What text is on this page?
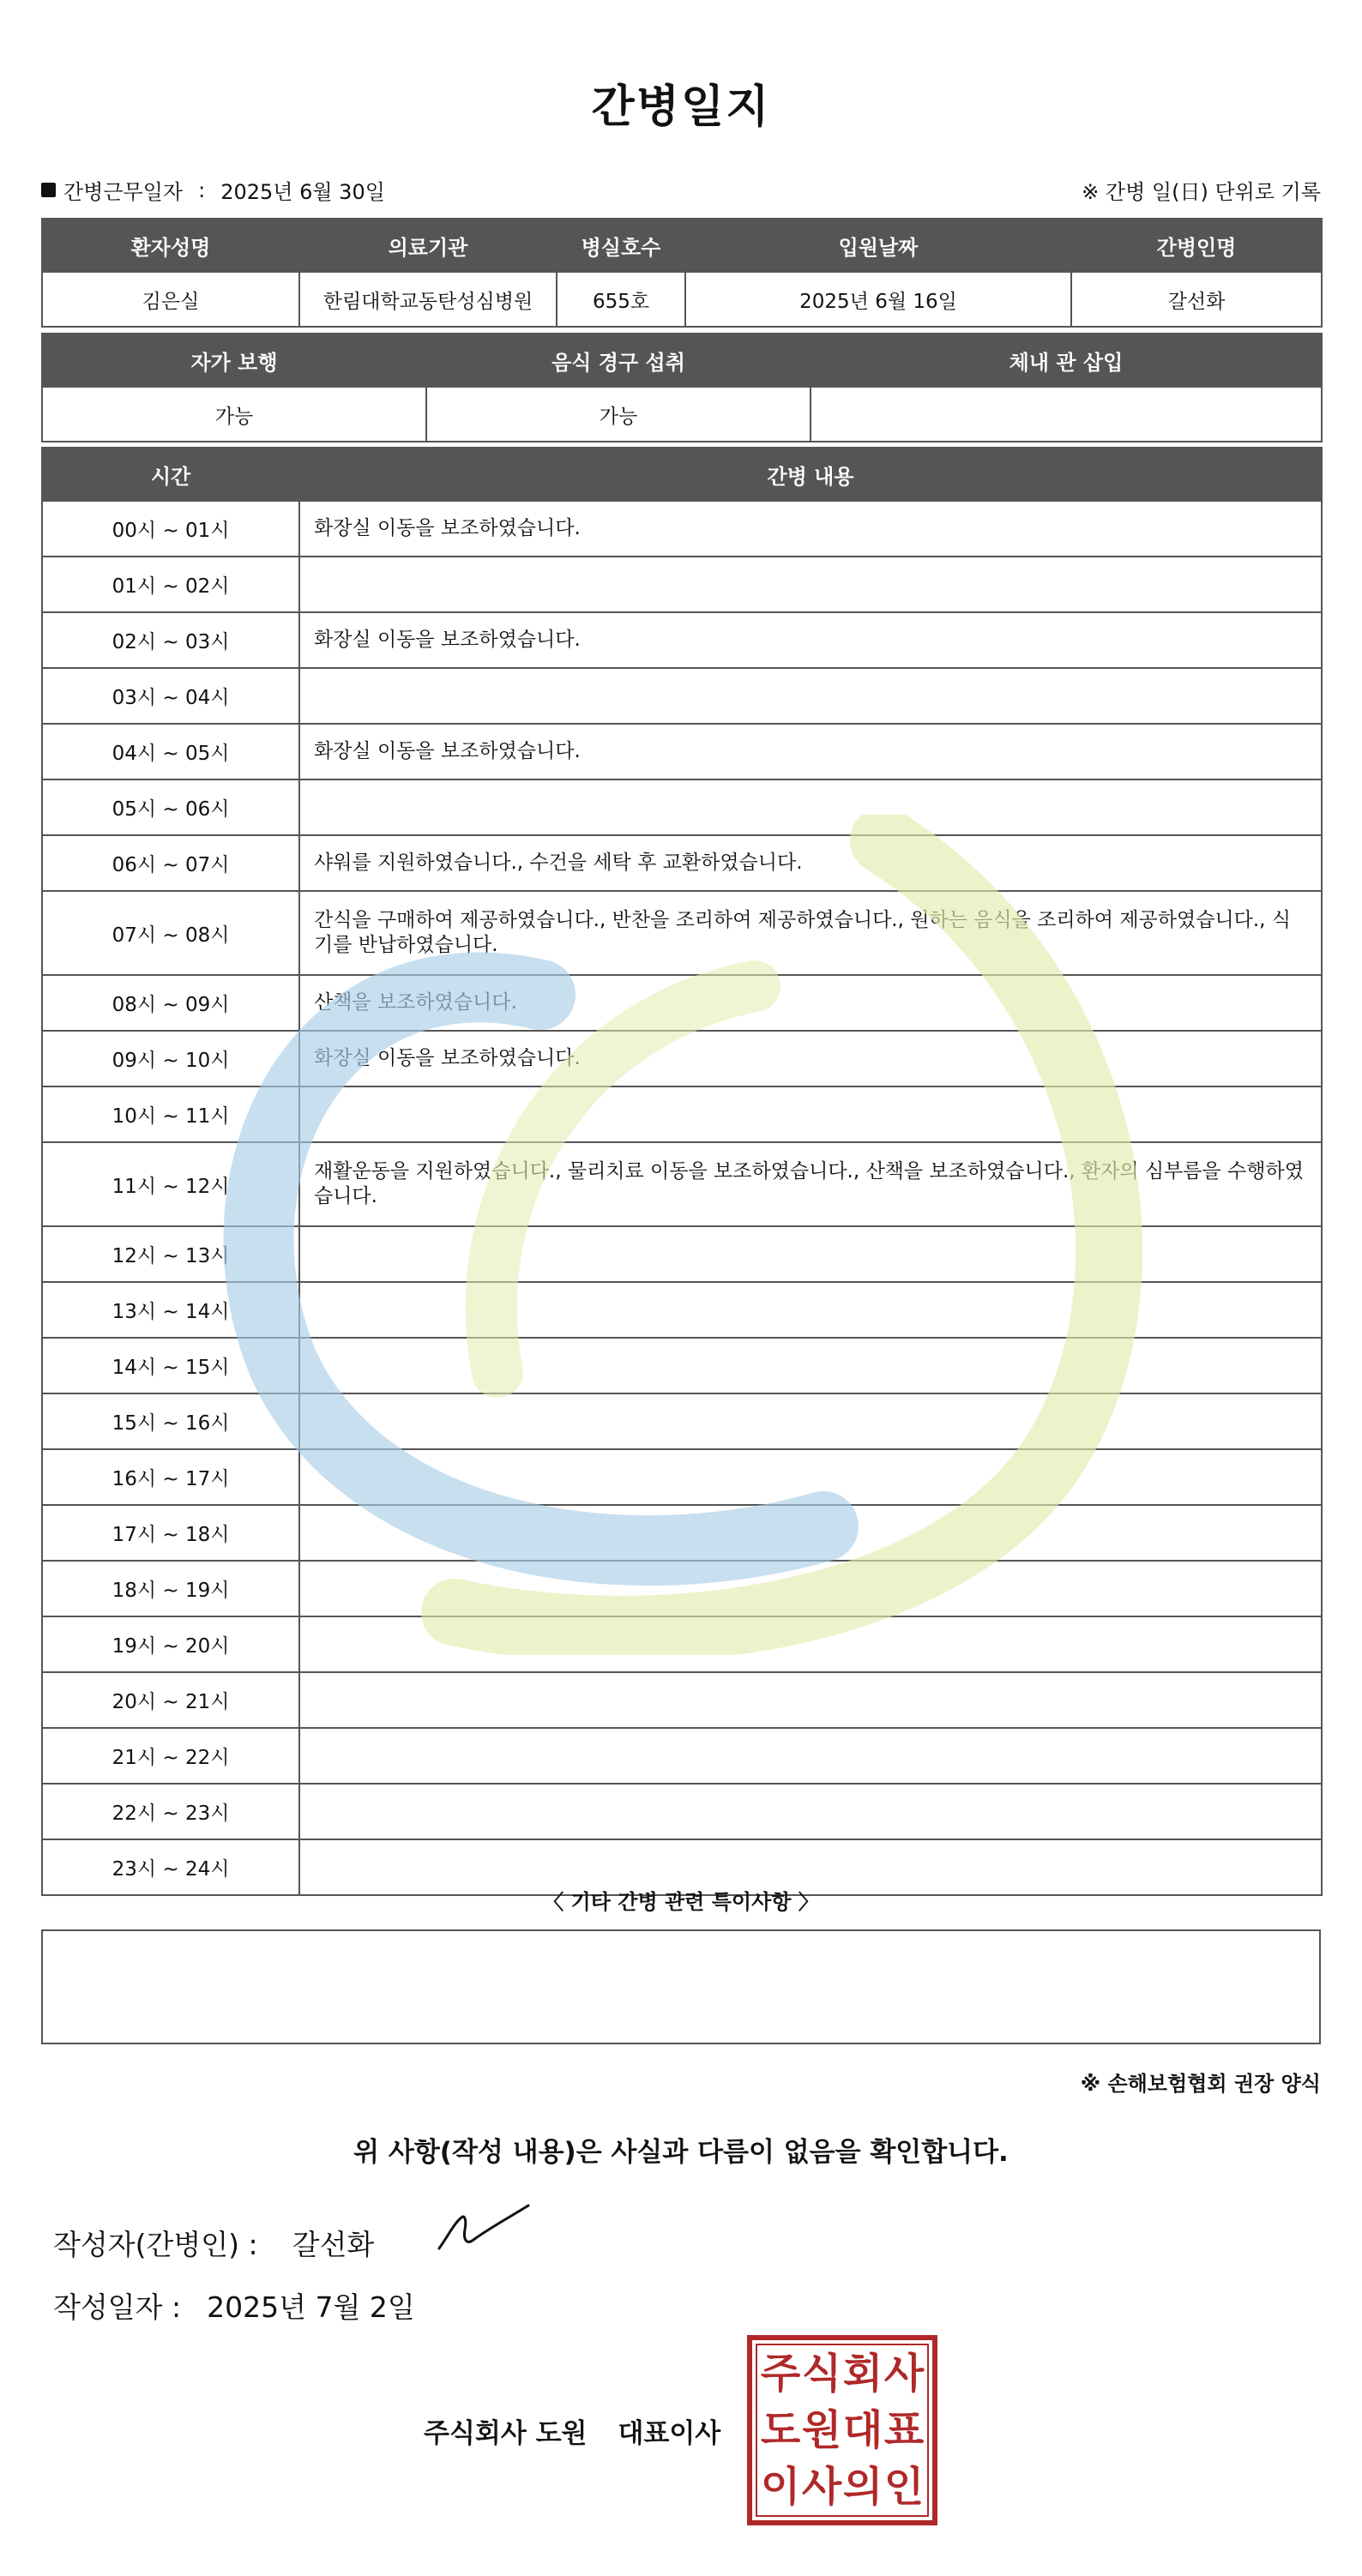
간병일지
간병근무일자 : 2025년 6월 30일	※ 간병 일(日) 단위로 기록
환자성명	의료기관	병실호수	입원날짜	간병인명
김은실	한림대학교동탄성심병원	655호	2025년 6월 16일	갈선화
자가 보행	음식 경구 섭취	체내 관 삽입
가능	가능	
시간	간병 내용
00시 ~ 01시	화장실 이동을 보조하였습니다.
01시 ~ 02시	
02시 ~ 03시	화장실 이동을 보조하였습니다.
03시 ~ 04시	
04시 ~ 05시	화장실 이동을 보조하였습니다.
05시 ~ 06시	
06시 ~ 07시	샤워를 지원하였습니다., 수건을 세탁 후 교환하였습니다.
07시 ~ 08시	간식을 구매하여 제공하였습니다., 반찬을 조리하여 제공하였습니다., 원하는 음식을 조리하여 제공하였습니다., 식기를 반납하였습니다.
08시 ~ 09시	산책을 보조하였습니다.
09시 ~ 10시	화장실 이동을 보조하였습니다.
10시 ~ 11시	
11시 ~ 12시	재활운동을 지원하였습니다., 물리치료 이동을 보조하였습니다., 산책을 보조하였습니다., 환자의 심부름을 수행하였습니다.
12시 ~ 13시	
13시 ~ 14시	
14시 ~ 15시	
15시 ~ 16시	
16시 ~ 17시	
17시 ~ 18시	
18시 ~ 19시	
19시 ~ 20시	
20시 ~ 21시	
21시 ~ 22시	
22시 ~ 23시	
23시 ~ 24시	
〈 기타 간병 관련 특이사항 〉
※ 손해보험협회 권장 양식
위 사항(작성 내용)은 사실과 다름이 없음을 확인합니다.
작성자(간병인) : 갈선화
작성일자 : 2025년 7월 2일
주식회사 도원 대표이사
주 식 회 사
도 원 대 표
이 사 의 인
